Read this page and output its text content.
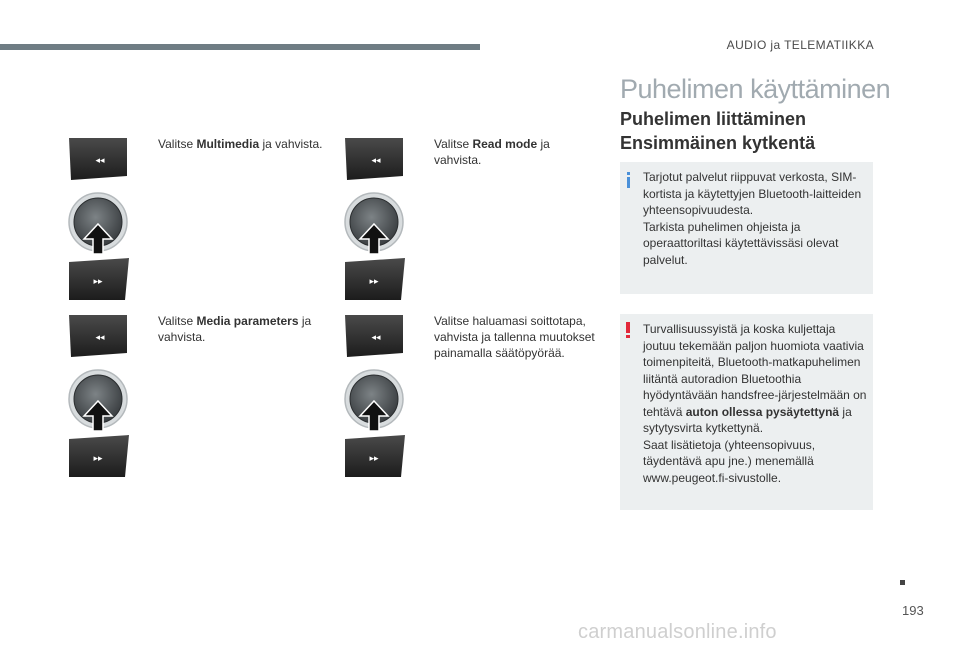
AUDIO ja TELEMATIIKKA
◂◂
▸▸
◂◂
▸▸
◂◂
▸▸
◂◂
▸▸
Valitse Multimedia ja vahvista.	Valitse Read mode ja vahvista.
Valitse Media parameters ja vahvista.
Valitse haluamasi soittotapa, vahvista ja tallenna muutokset painamalla säätöpyörää.
Puhelimen käyttäminen
Puhelimen liittäminen
Ensimmäinen kytkentä
Tarjotut palvelut riippuvat verkosta, SIM-kortista ja käytettyjen Bluetooth-laitteiden yhteensopivuudesta.
Tarkista puhelimen ohjeista ja operaattoriltasi käytettävissäsi olevat palvelut.
Turvallisuussyistä ja koska kuljettaja joutuu tekemään paljon huomiota vaativia toimenpiteitä, Bluetooth-matkapuhelimen liitäntä autoradion Bluetoothia hyödyntävään handsfree-järjestelmään on tehtävä auton ollessa pysäytettynä ja sytytysvirta kytkettynä.
Saat lisätietoja (yhteensopivuus, täydentävä apu jne.) menemällä www.peugeot.fi-sivustolle.
193
carmanualsonline.info
